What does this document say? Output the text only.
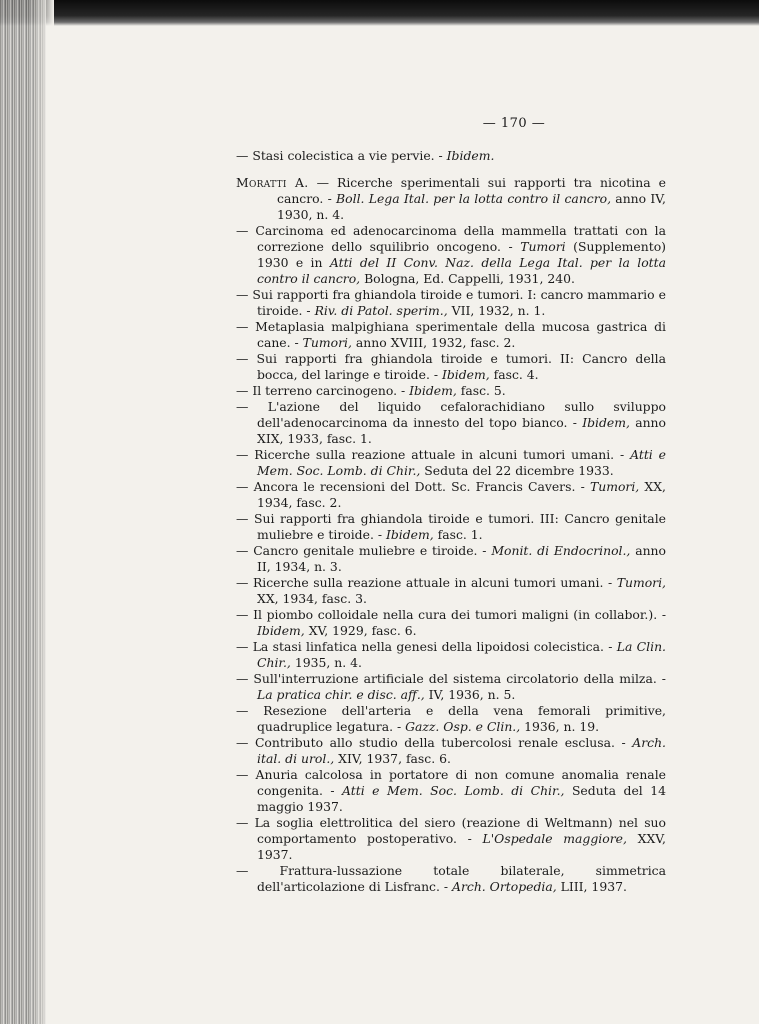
— 170 —
— Stasi colecistica a vie pervie. - Ibidem.
Moratti A. — Ricerche sperimentali sui rapporti tra nicotina e cancro. - Boll. Lega Ital. per la lotta contro il cancro, anno IV, 1930, n. 4.
— Carcinoma ed adenocarcinoma della mammella trattati con la correzione dello squilibrio oncogeno. - Tumori (Supplemento) 1930 e in Atti del II Conv. Naz. della Lega Ital. per la lotta contro il cancro, Bologna, Ed. Cappelli, 1931, 240.
— Sui rapporti fra ghiandola tiroide e tumori. I: cancro mammario e tiroide. - Riv. di Patol. sperim., VII, 1932, n. 1.
— Metaplasia malpighiana sperimentale della mucosa gastrica di cane. - Tumori, anno XVIII, 1932, fasc. 2.
— Sui rapporti fra ghiandola tiroide e tumori. II: Cancro della bocca, del laringe e tiroide. - Ibidem, fasc. 4.
— Il terreno carcinogeno. - Ibidem, fasc. 5.
— L'azione del liquido cefalorachidiano sullo sviluppo dell'adenocarcinoma da innesto del topo bianco. - Ibidem, anno XIX, 1933, fasc. 1.
— Ricerche sulla reazione attuale in alcuni tumori umani. - Atti e Mem. Soc. Lomb. di Chir., Seduta del 22 dicembre 1933.
— Ancora le recensioni del Dott. Sc. Francis Cavers. - Tumori, XX, 1934, fasc. 2.
— Sui rapporti fra ghiandola tiroide e tumori. III: Cancro genitale muliebre e tiroide. - Ibidem, fasc. 1.
— Cancro genitale muliebre e tiroide. - Monit. di Endocrinol., anno II, 1934, n. 3.
— Ricerche sulla reazione attuale in alcuni tumori umani. - Tumori, XX, 1934, fasc. 3.
— Il piombo colloidale nella cura dei tumori maligni (in collabor.). - Ibidem, XV, 1929, fasc. 6.
— La stasi linfatica nella genesi della lipoidosi colecistica. - La Clin. Chir., 1935, n. 4.
— Sull'interruzione artificiale del sistema circolatorio della milza. - La pratica chir. e disc. aff., IV, 1936, n. 5.
— Resezione dell'arteria e della vena femorali primitive, quadruplice legatura. - Gazz. Osp. e Clin., 1936, n. 19.
— Contributo allo studio della tubercolosi renale esclusa. - Arch. ital. di urol., XIV, 1937, fasc. 6.
— Anuria calcolosa in portatore di non comune anomalia renale congenita. - Atti e Mem. Soc. Lomb. di Chir., Seduta del 14 maggio 1937.
— La soglia elettrolitica del siero (reazione di Weltmann) nel suo comportamento postoperativo. - L'Ospedale maggiore, XXV, 1937.
— Frattura-lussazione totale bilaterale, simmetrica dell'articolazione di Lisfranc. - Arch. Ortopedia, LIII, 1937.
